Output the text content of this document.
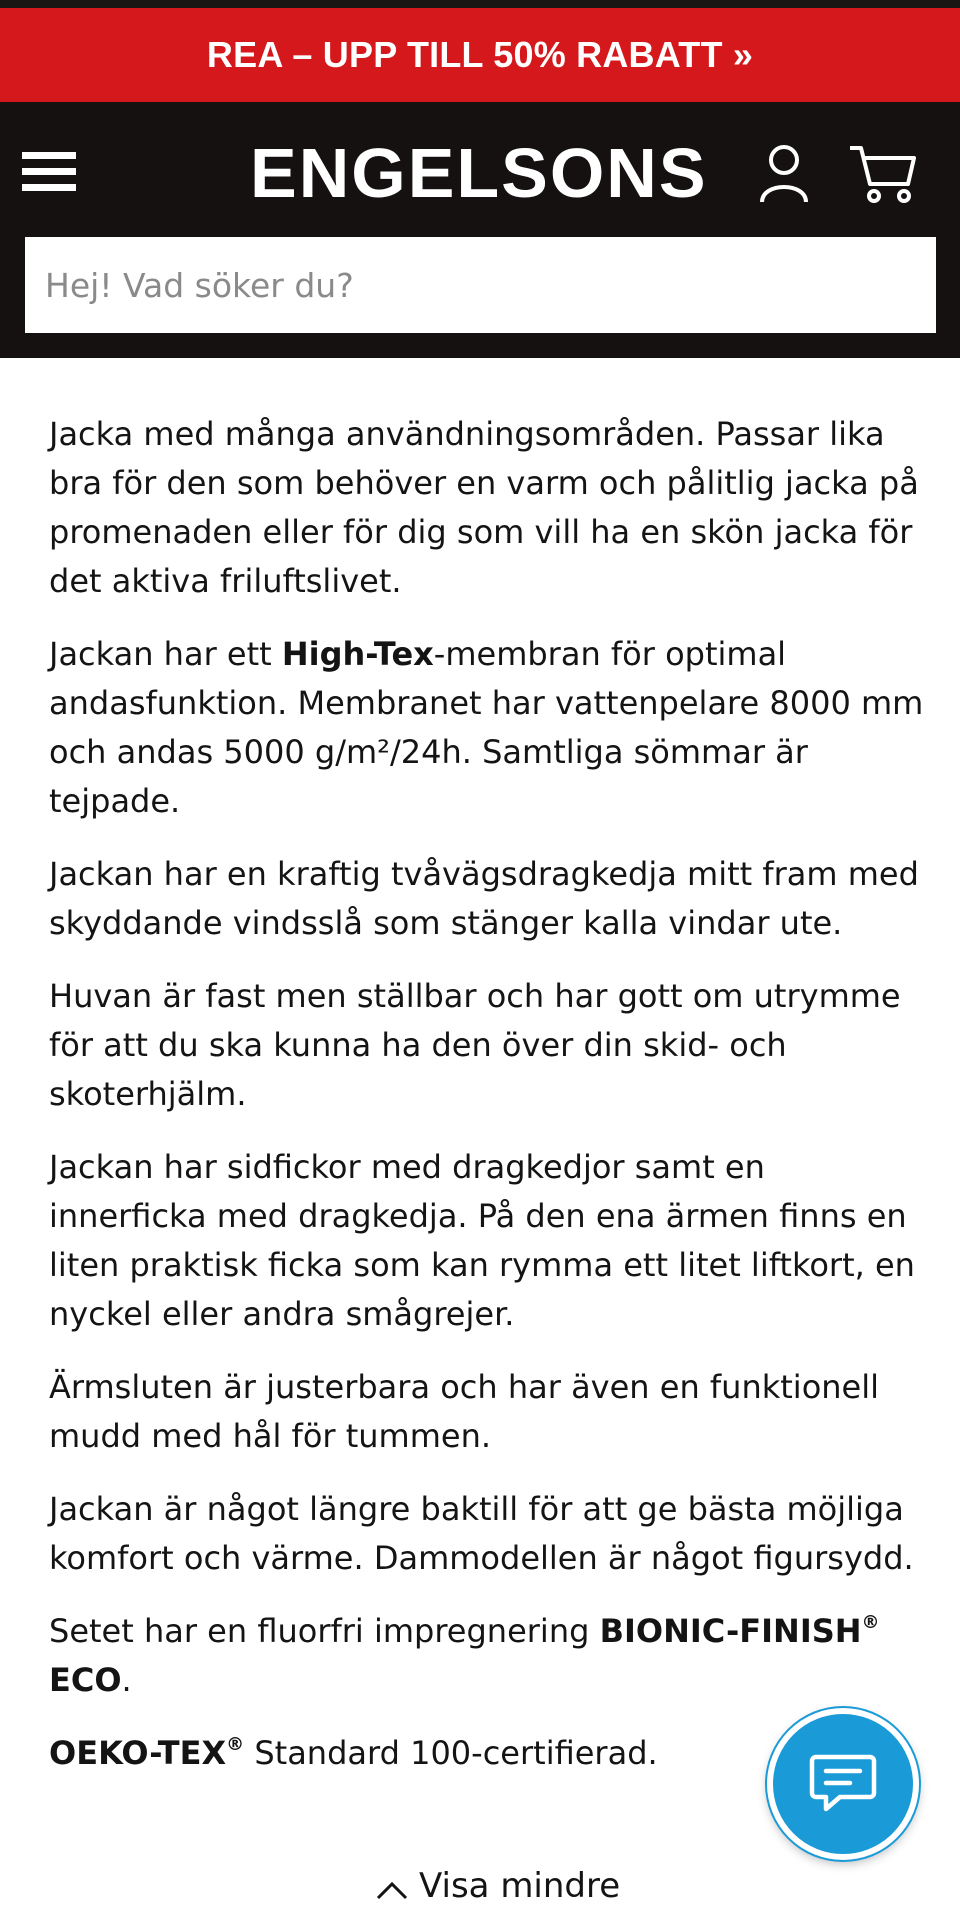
REA – UPP TILL 50% RABATT »
ENGELSONS
Hej! Vad söker du?

Jacka med många användningsområden. Passar lika bra för den som behöver en varm och pålitlig jacka på promenaden eller för dig som vill ha en skön jacka för det aktiva friluftslivet.

Jackan har ett High-Tex-membran för optimal andasfunktion. Membranet har vattenpelare 8000 mm och andas 5000 g/m²/24h. Samtliga sömmar är tejpade.

Jackan har en kraftig tvåvägsdragkedja mitt fram med skyddande vindsslå som stänger kalla vindar ute.

Huvan är fast men ställbar och har gott om utrymme för att du ska kunna ha den över din skid- och skoterhjälm.

Jackan har sidfickor med dragkedjor samt en innerficka med dragkedja. På den ena ärmen finns en liten praktisk ficka som kan rymma ett litet liftkort, en nyckel eller andra smågrejer.

Ärmsluten är justerbara och har även en funktionell mudd med hål för tummen.

Jackan är något längre baktill för att ge bästa möjliga komfort och värme. Dammodellen är något figursydd.

Setet har en fluorfri impregnering BIONIC-FINISH® ECO.

OEKO-TEX® Standard 100-certifierad.

Visa mindre
